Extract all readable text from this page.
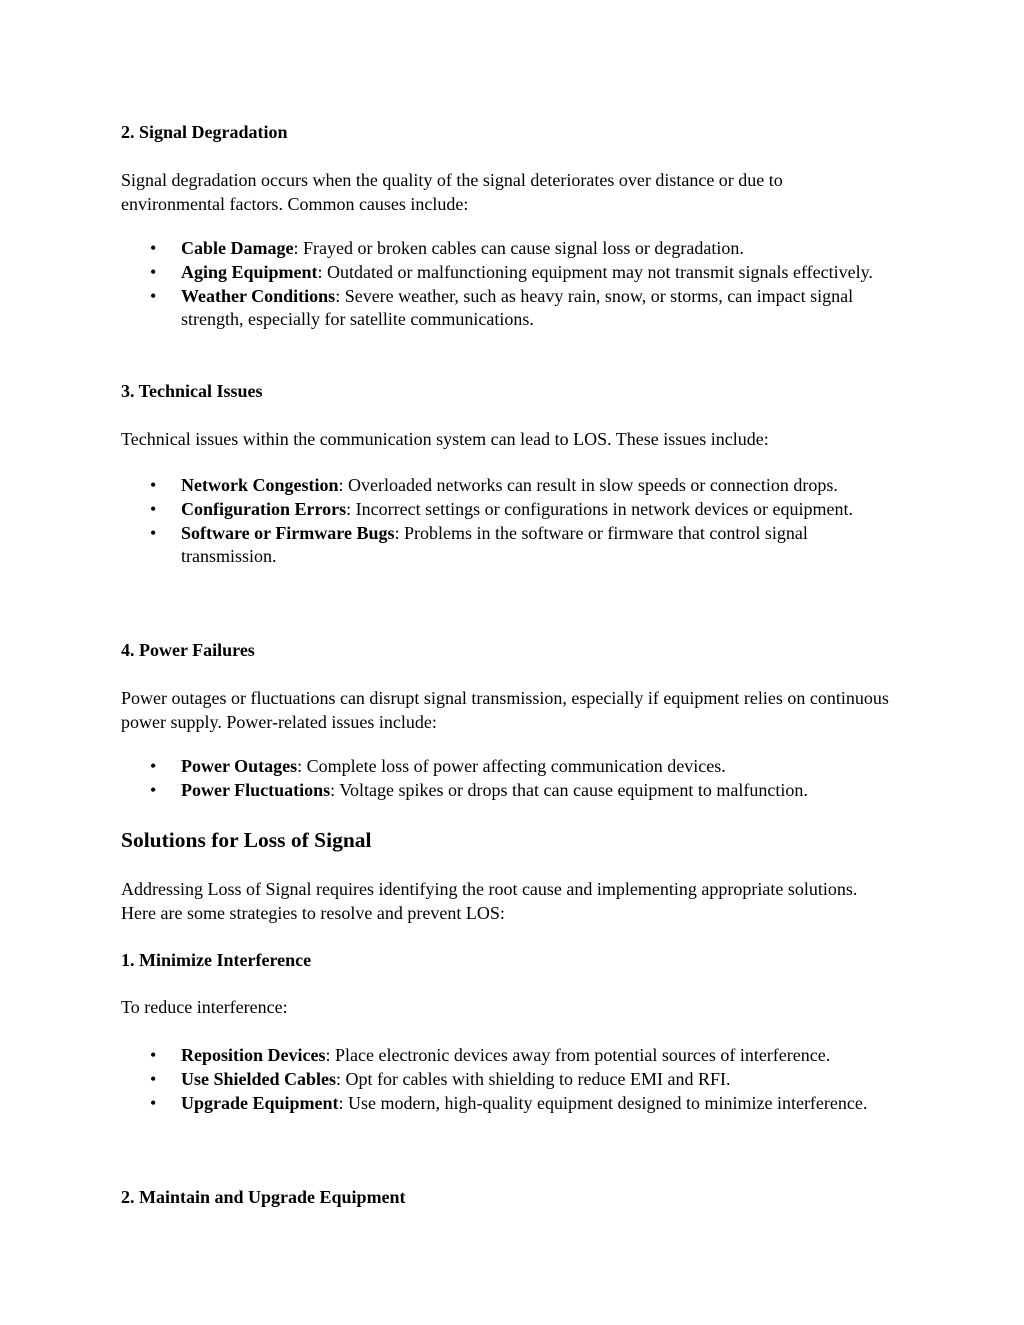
2. Signal Degradation
Signal degradation occurs when the quality of the signal deteriorates over distance or due to environmental factors. Common causes include:
• Cable Damage: Frayed or broken cables can cause signal loss or degradation.
• Aging Equipment: Outdated or malfunctioning equipment may not transmit signals effectively.
• Weather Conditions: Severe weather, such as heavy rain, snow, or storms, can impact signal strength, especially for satellite communications.
3. Technical Issues
Technical issues within the communication system can lead to LOS. These issues include:
• Network Congestion: Overloaded networks can result in slow speeds or connection drops.
• Configuration Errors: Incorrect settings or configurations in network devices or equipment.
• Software or Firmware Bugs: Problems in the software or firmware that control signal transmission.
4. Power Failures
Power outages or fluctuations can disrupt signal transmission, especially if equipment relies on continuous power supply. Power-related issues include:
• Power Outages: Complete loss of power affecting communication devices.
• Power Fluctuations: Voltage spikes or drops that can cause equipment to malfunction.
Solutions for Loss of Signal
Addressing Loss of Signal requires identifying the root cause and implementing appropriate solutions. Here are some strategies to resolve and prevent LOS:
1. Minimize Interference
To reduce interference:
• Reposition Devices: Place electronic devices away from potential sources of interference.
• Use Shielded Cables: Opt for cables with shielding to reduce EMI and RFI.
• Upgrade Equipment: Use modern, high-quality equipment designed to minimize interference.
2. Maintain and Upgrade Equipment
